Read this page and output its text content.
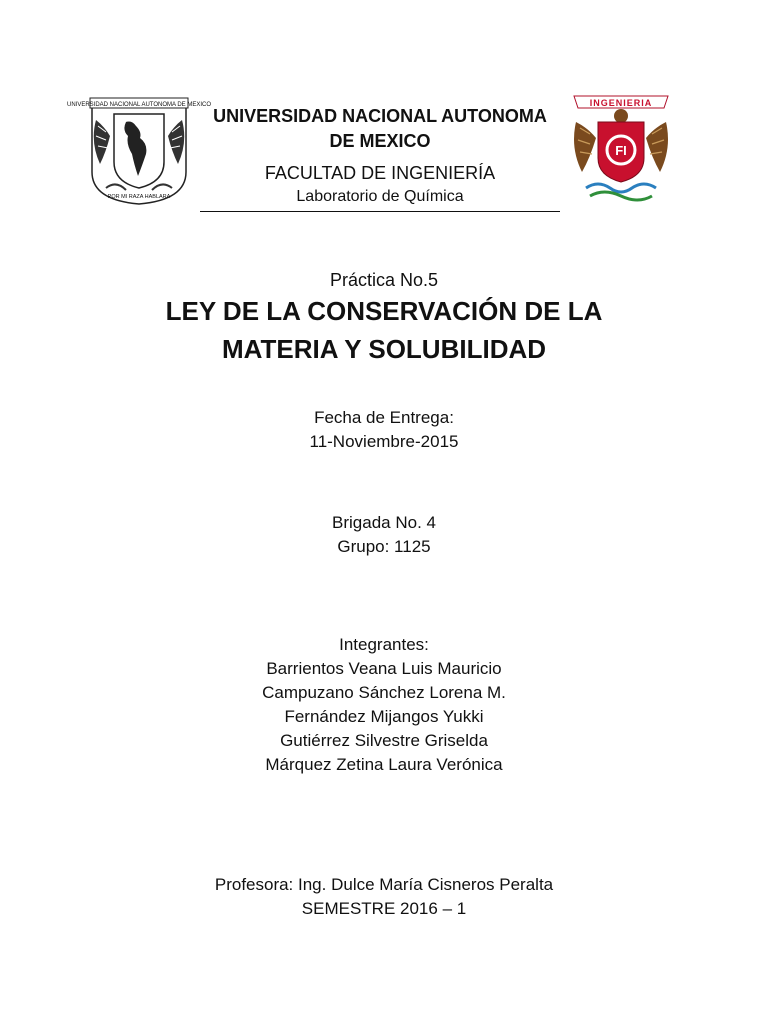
UNIVERSIDAD NACIONAL AUTONOMA DE MEXICO
POR MI RAZA HABLARA
INGENIERIA
FI
UNIVERSIDAD NACIONAL AUTONOMA
DE MEXICO
FACULTAD DE INGENIERÍA
Laboratorio de Química
Práctica No.5
LEY DE LA CONSERVACIÓN DE LA
MATERIA Y SOLUBILIDAD
Fecha de Entrega:
11-Noviembre-2015
Brigada No. 4
Grupo: 1125
Integrantes:
Barrientos Veana Luis Mauricio
Campuzano Sánchez Lorena M.
Fernández Mijangos Yukki
Gutiérrez Silvestre Griselda
Márquez Zetina Laura Verónica
Profesora: Ing. Dulce María Cisneros Peralta
SEMESTRE 2016 – 1
